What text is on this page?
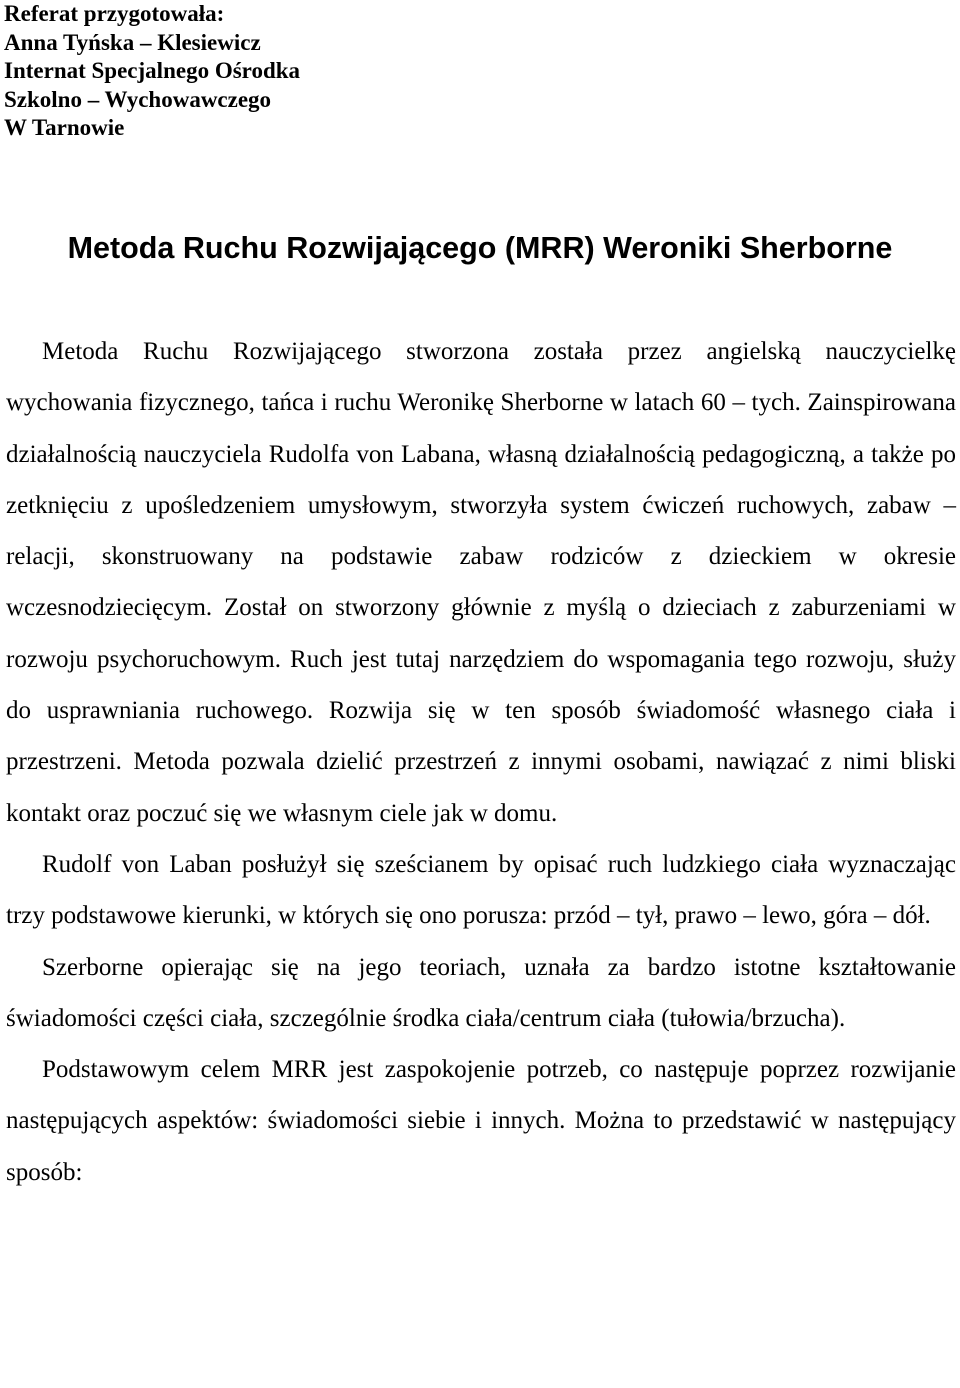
Referat przygotowała:
Anna Tyńska – Klesiewicz
Internat Specjalnego Ośrodka
Szkolno – Wychowawczego
W Tarnowie
Metoda Ruchu Rozwijającego (MRR) Weroniki Sherborne

Metoda Ruchu Rozwijającego stworzona została przez angielską nauczycielkę wychowania fizycznego, tańca i ruchu Weronikę Sherborne w latach 60 – tych. Zainspirowana działalnością nauczyciela Rudolfa von Labana, własną działalnością pedagogiczną, a także po zetknięciu z upośledzeniem umysłowym, stworzyła system ćwiczeń ruchowych, zabaw – relacji, skonstruowany na podstawie zabaw rodziców z dzieckiem w okresie wczesnodziecięcym. Został on stworzony głównie z myślą o dzieciach z zaburzeniami w rozwoju psychoruchowym. Ruch jest tutaj narzędziem do wspomagania tego rozwoju, służy do usprawniania ruchowego. Rozwija się w ten sposób świadomość własnego ciała i przestrzeni. Metoda pozwala dzielić przestrzeń z innymi osobami, nawiązać z nimi bliski kontakt oraz poczuć się we własnym ciele jak w domu.

Rudolf von Laban posłużył się sześcianem by opisać ruch ludzkiego ciała wyznaczając trzy podstawowe kierunki, w których się ono porusza: przód – tył, prawo – lewo, góra – dół.

Szerborne opierając się na jego teoriach, uznała za bardzo istotne kształtowanie świadomości części ciała, szczególnie środka ciała/centrum ciała (tułowia/brzucha).

Podstawowym celem MRR jest zaspokojenie potrzeb, co następuje poprzez rozwijanie następujących aspektów: świadomości siebie i innych. Można to przedstawić w następujący sposób:
